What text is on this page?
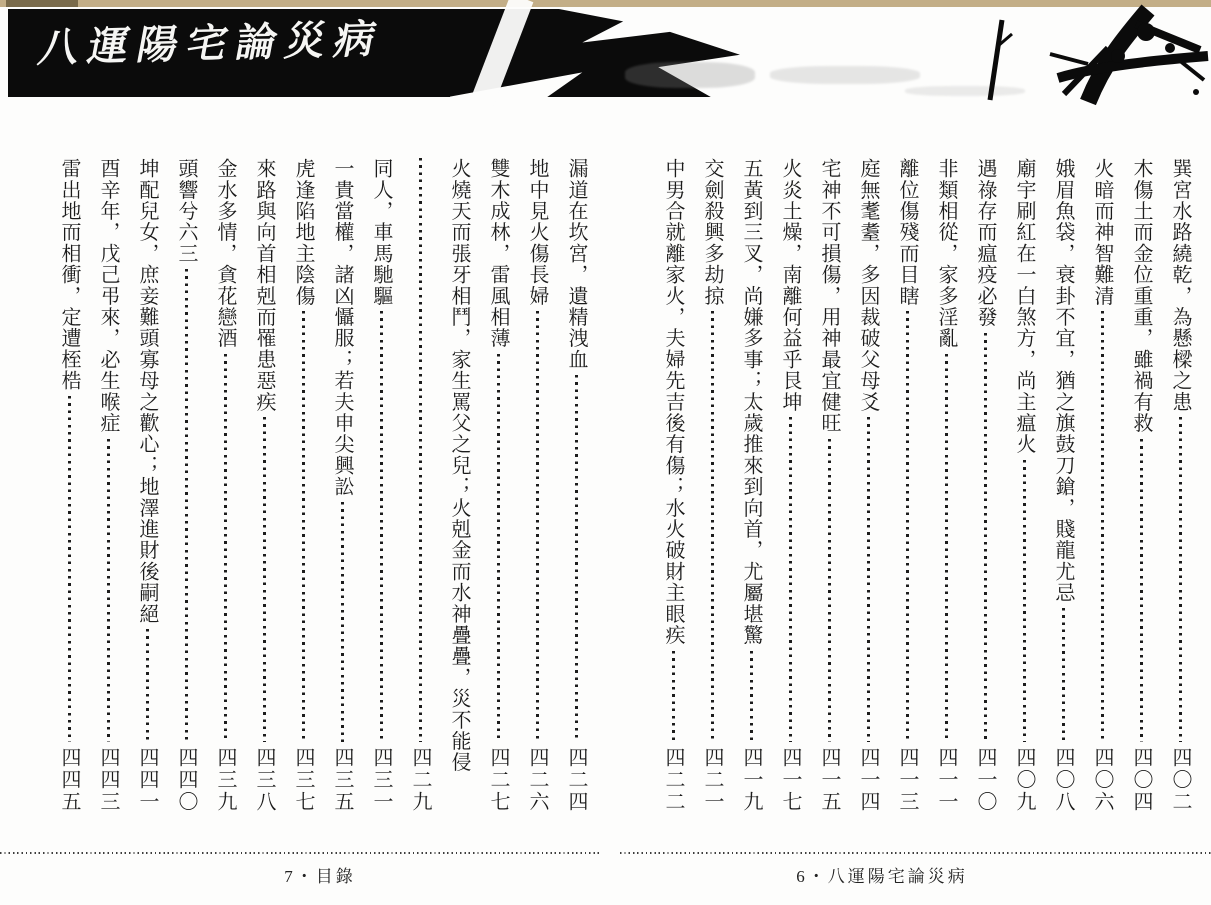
八運陽宅論災病
巽宮水路繞乾，為懸樑之患
四〇二
木傷土而金位重重，雖禍有救
四〇四
火暗而神智難清
四〇六
娥眉魚袋，衰卦不宜，猶之旗鼓刀鎗，賤龍尤忌
四〇八
廟宇刷紅在一白煞方，尚主瘟火
四〇九
遇祿存而瘟疫必發
四一〇
非類相從，家多淫亂
四一一
離位傷殘而目瞎
四一三
庭無耄耋，多因裁破父母爻
四一四
宅神不可損傷，用神最宜健旺
四一五
火炎土燥，南離何益乎艮坤
四一七
五黃到三叉，尚嫌多事；太歲推來到向首，尤屬堪驚
四一九
交劍殺興多劫掠
四二一
中男合就離家火，夫婦先吉後有傷；水火破財主眼疾
四二二
漏道在坎宮，遺精洩血
四二四
地中見火傷長婦
四二六
雙木成林，雷風相薄
四二七
火燒天而張牙相鬥，家生罵父之兒；火剋金而水神疊疊，災不能侵
四二九
同人，車馬馳驅
四三一
一貴當權，諸凶懾服；若夫申尖興訟
四三五
虎逢陷地主陰傷
四三七
來路與向首相剋而罹患惡疾
四三八
金水多情，貪花戀酒
四三九
頭響兮六三
四四〇
坤配兒女，庶妾難頭寡母之歡心；地澤進財後嗣絕
四四一
酉辛年，戊己弔來，必生喉症
四四三
雷出地而相衝，定遭桎梏
四四五
7・目錄	6・八運陽宅論災病
